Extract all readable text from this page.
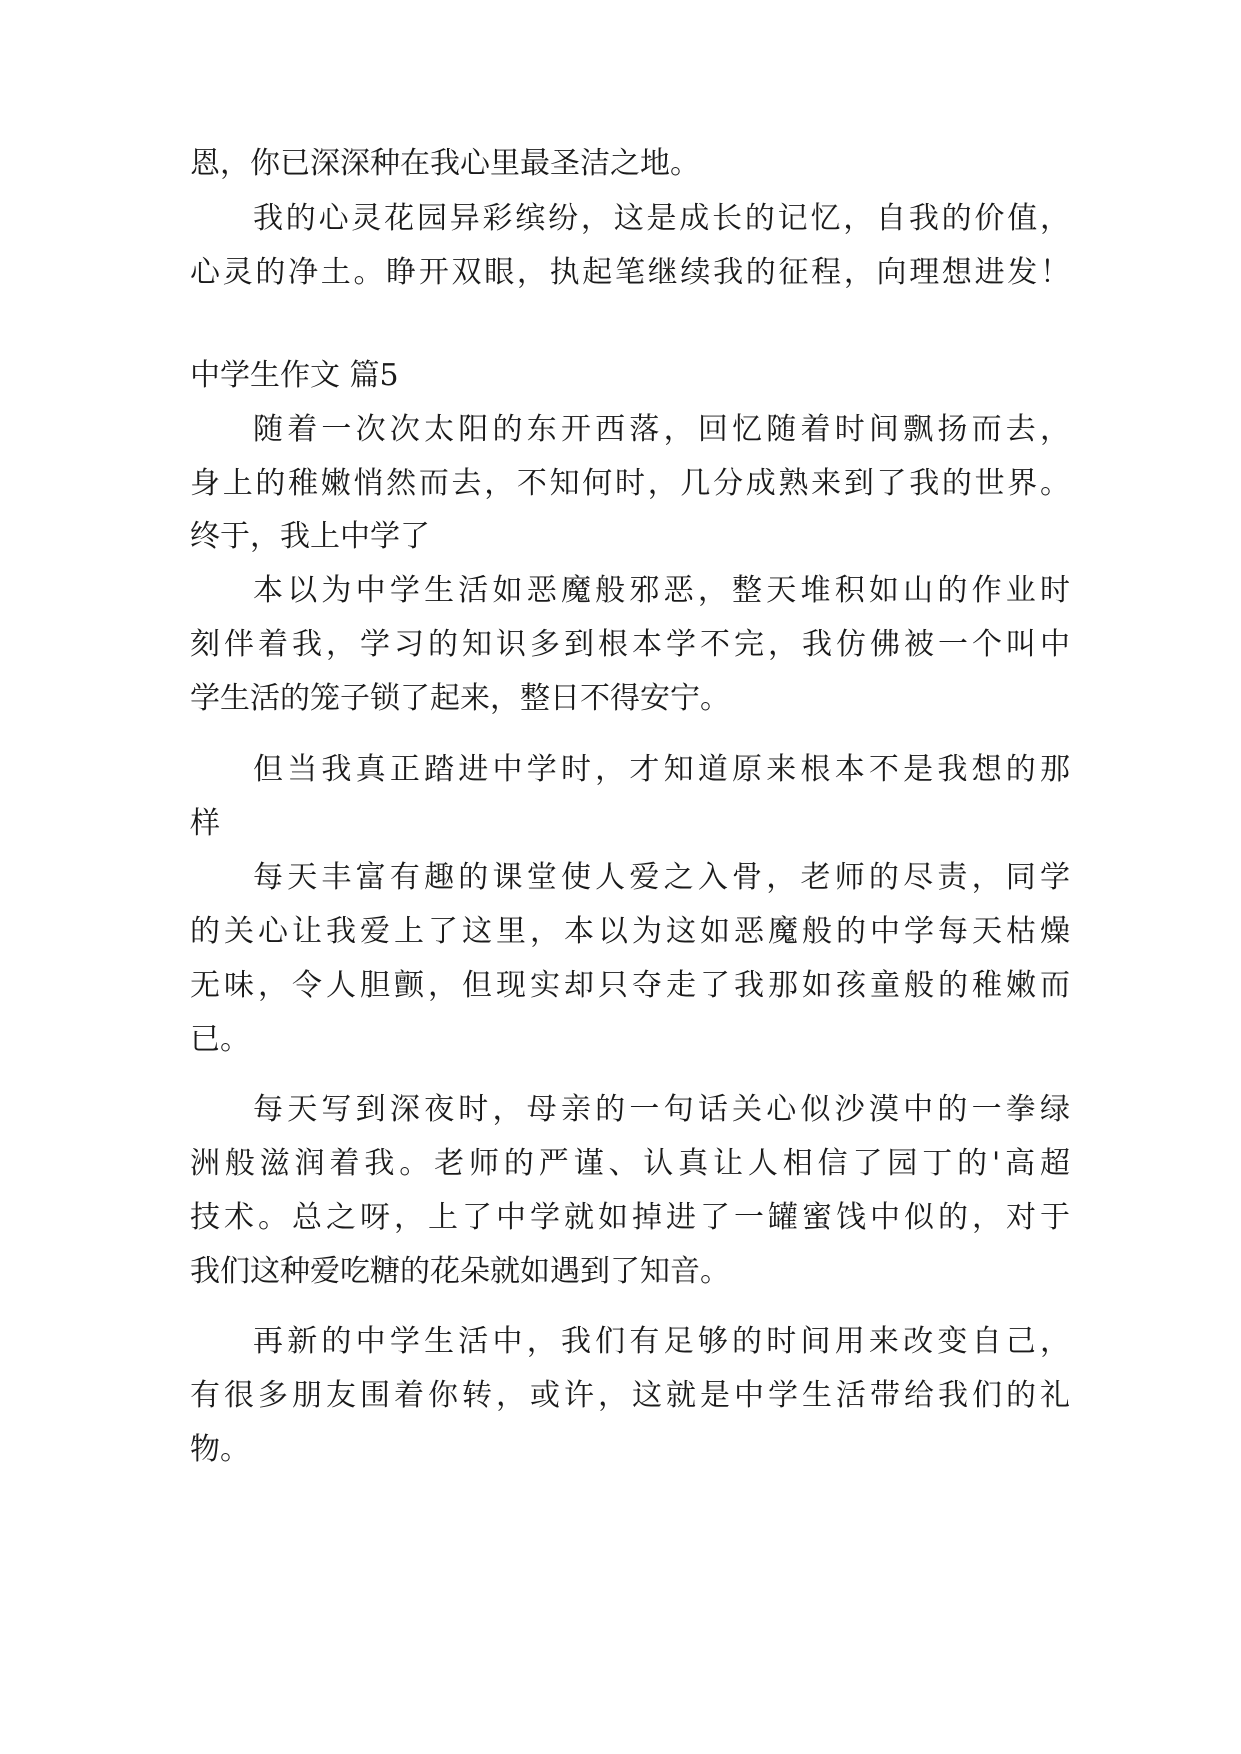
恩，你已深深种在我心里最圣洁之地。
我的心灵花园异彩缤纷，这是成长的记忆，自我的价值，
心灵的净土。睁开双眼，执起笔继续我的征程，向理想进发！
中学生作文 篇5
随着一次次太阳的东开西落，回忆随着时间飘扬而去，
身上的稚嫩悄然而去，不知何时，几分成熟来到了我的世界。
终于，我上中学了
本以为中学生活如恶魔般邪恶，整天堆积如山的作业时
刻伴着我，学习的知识多到根本学不完，我仿佛被一个叫中
学生活的笼子锁了起来，整日不得安宁。
但当我真正踏进中学时，才知道原来根本不是我想的那
样
每天丰富有趣的课堂使人爱之入骨，老师的尽责，同学
的关心让我爱上了这里，本以为这如恶魔般的中学每天枯燥
无味，令人胆颤，但现实却只夺走了我那如孩童般的稚嫩而
已。
每天写到深夜时，母亲的一句话关心似沙漠中的一拳绿
洲般滋润着我。老师的严谨、认真让人相信了园丁的'高超
技术。总之呀，上了中学就如掉进了一罐蜜饯中似的，对于
我们这种爱吃糖的花朵就如遇到了知音。
再新的中学生活中，我们有足够的时间用来改变自己，
有很多朋友围着你转，或许，这就是中学生活带给我们的礼
物。
